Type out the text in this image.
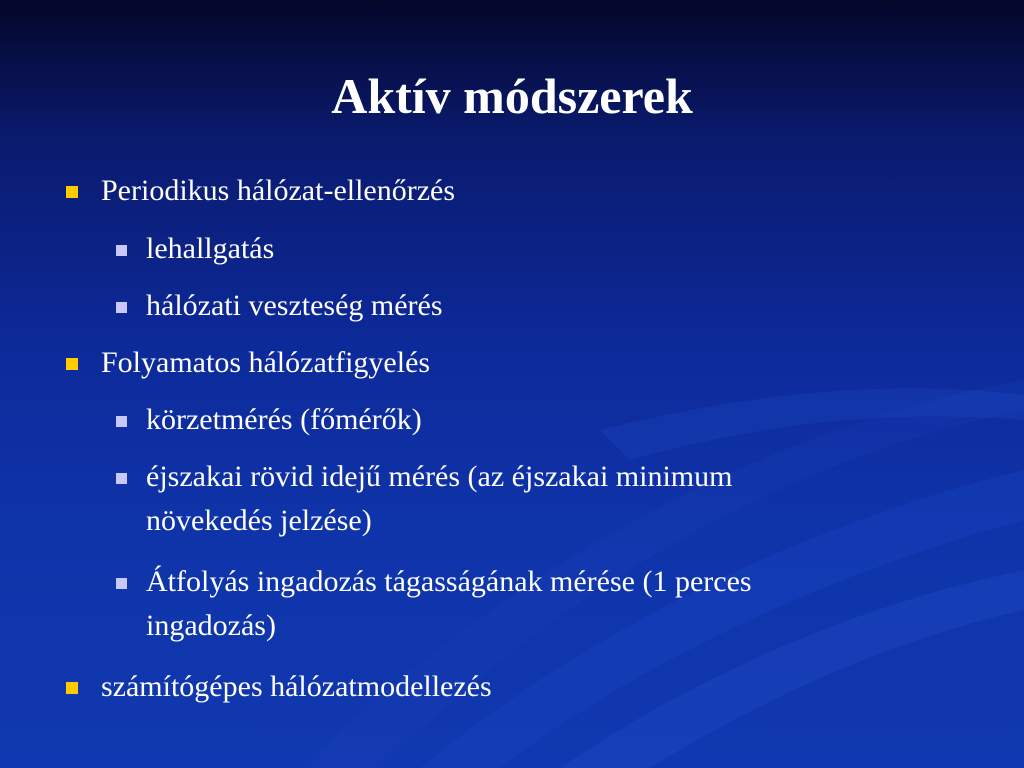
Aktív módszerek
Periodikus hálózat-ellenőrzés
lehallgatás
hálózati veszteség mérés
Folyamatos hálózatfigyelés
körzetmérés (főmérők)
éjszakai rövid idejű mérés (az éjszakai minimum
növekedés jelzése)
Átfolyás ingadozás tágasságának mérése (1 perces
ingadozás)
számítógépes hálózatmodellezés
